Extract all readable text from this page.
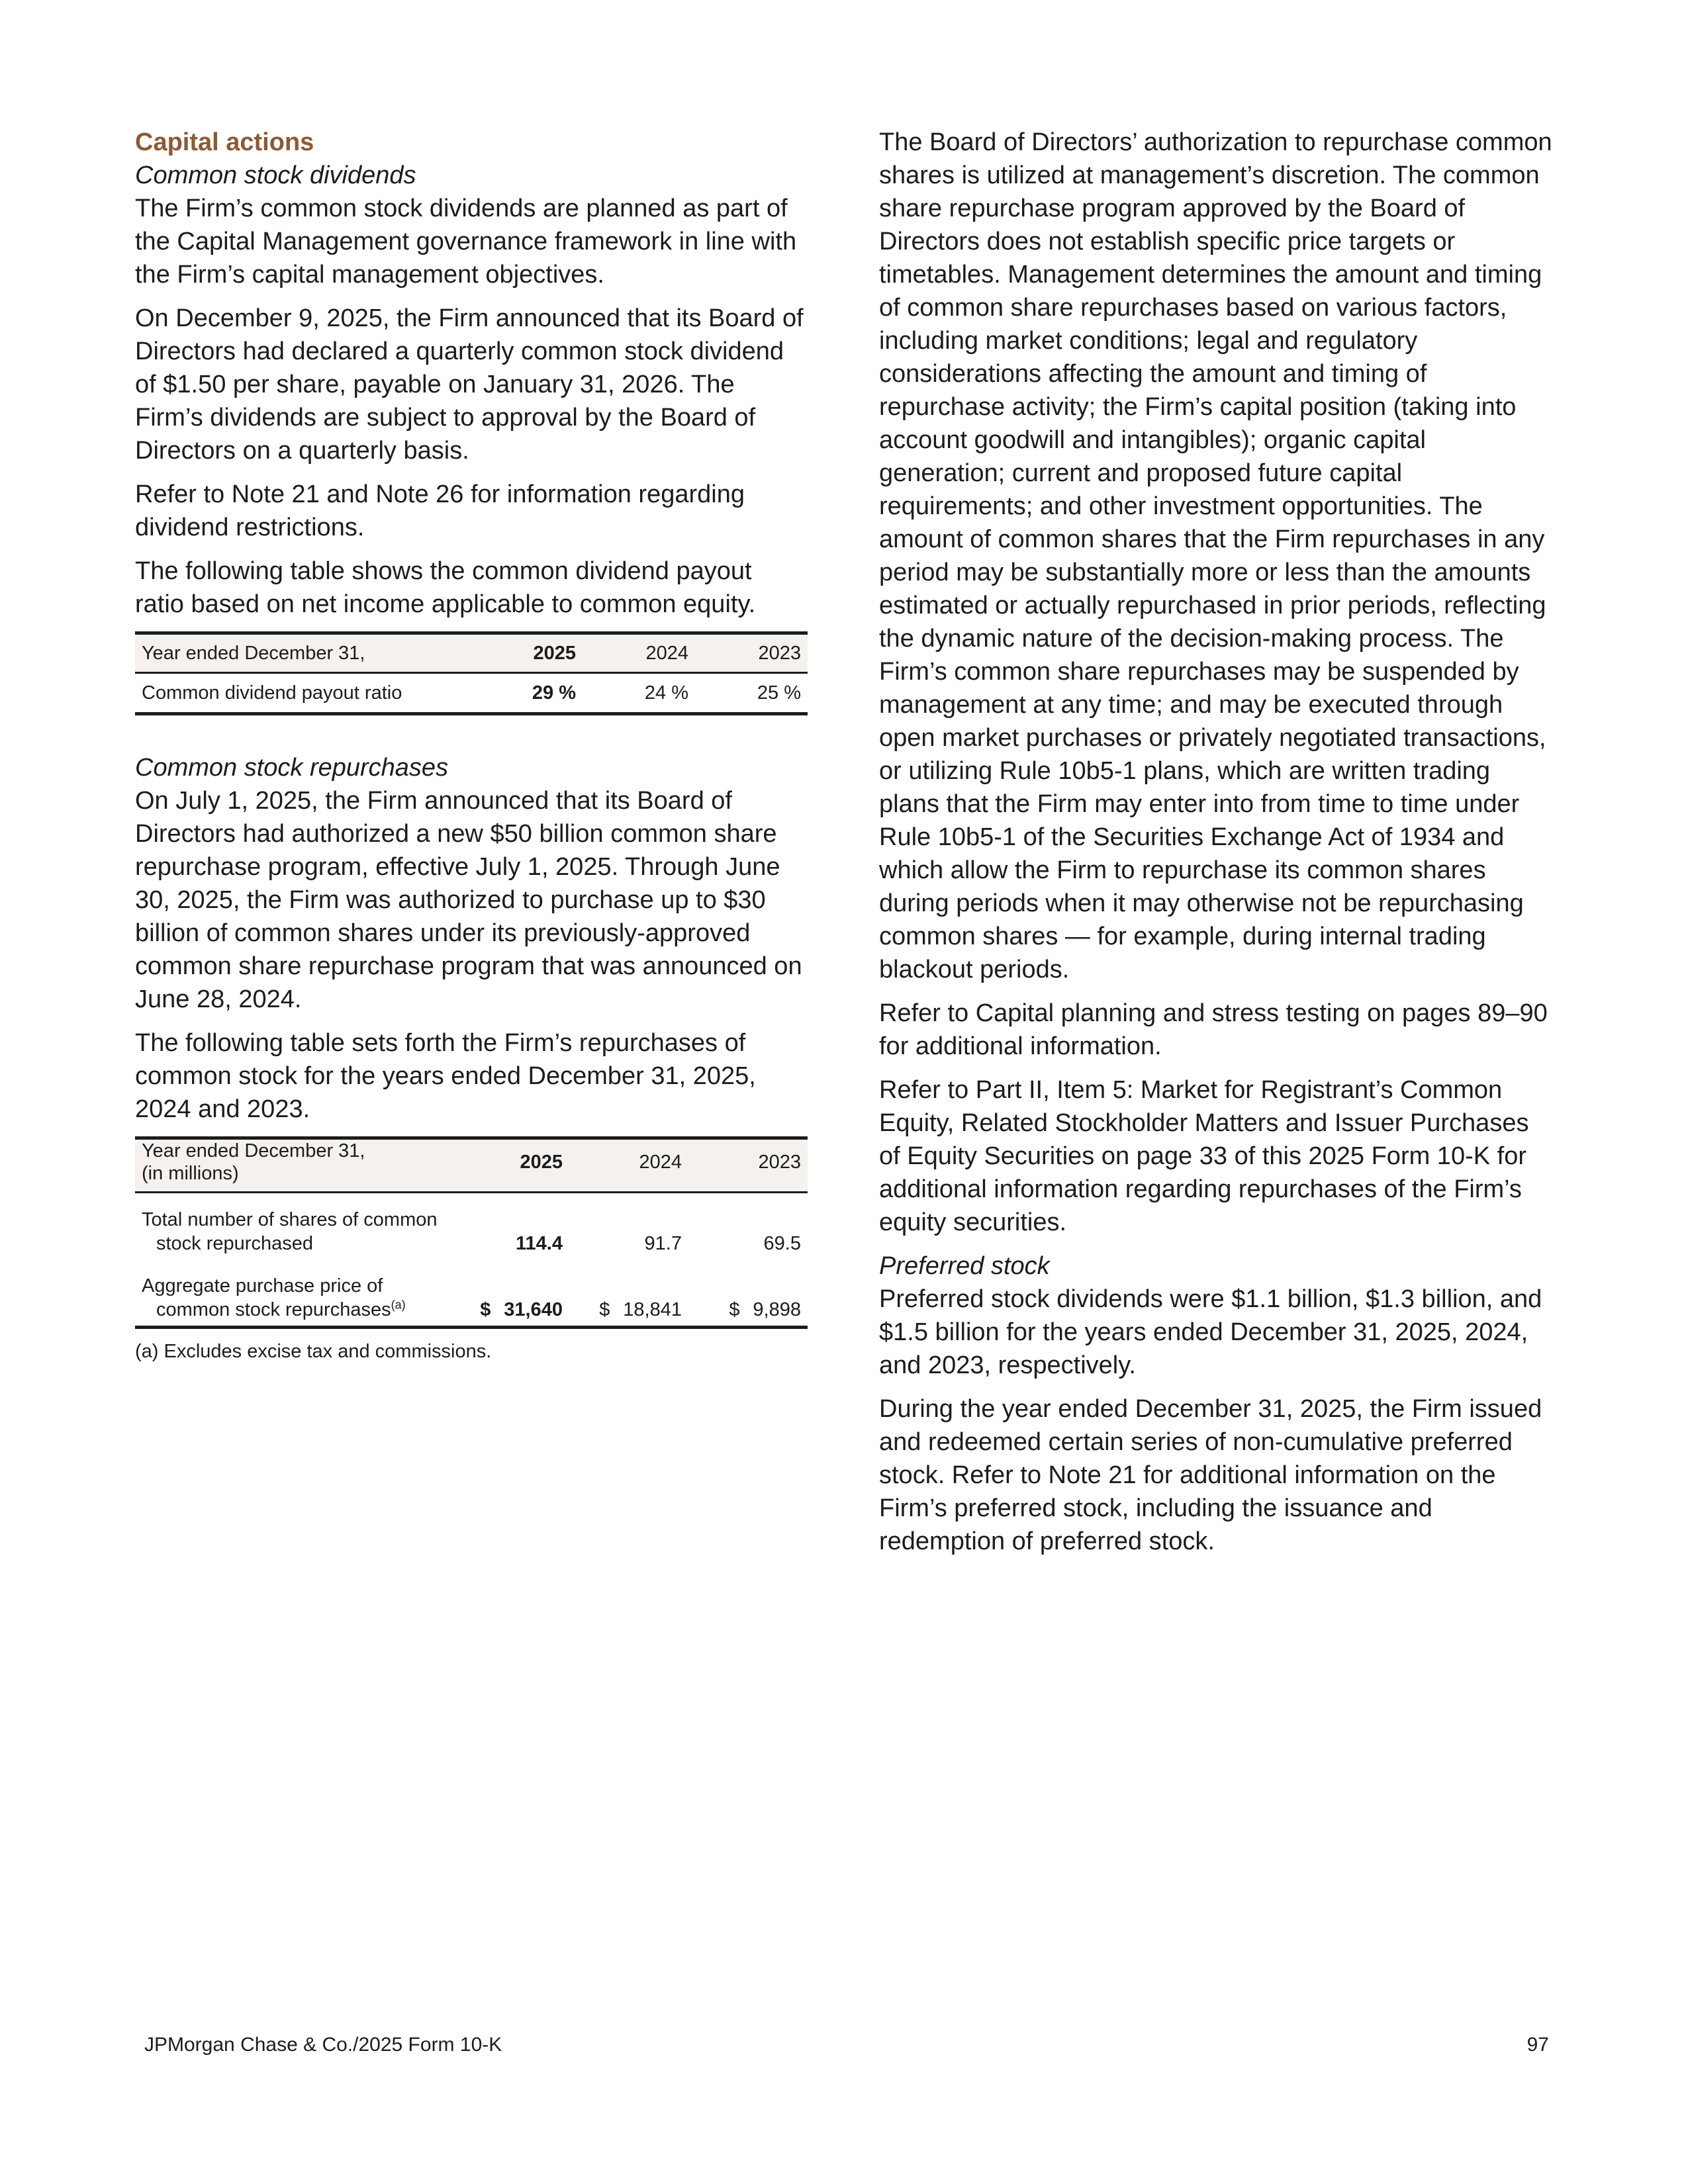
Capital actions
Common stock dividends

The Firm’s common stock dividends are planned as part of the Capital Management governance framework in line with the Firm’s capital management objectives.

On December 9, 2025, the Firm announced that its Board of Directors had declared a quarterly common stock dividend of $1.50 per share, payable on January 31, 2026. The Firm’s dividends are subject to approval by the Board of Directors on a quarterly basis.

Refer to Note 21 and Note 26 for information regarding dividend restrictions.

The following table shows the common dividend payout ratio based on net income applicable to common equity.

Year ended December 31,	2025	2024	2023
Common dividend payout ratio	29 %	24 %	25 %
Common stock repurchases

On July 1, 2025, the Firm announced that its Board of Directors had authorized a new $50 billion common share repurchase program, effective July 1, 2025. Through June 30, 2025, the Firm was authorized to purchase up to $30 billion of common shares under its previously-approved common share repurchase program that was announced on June 28, 2024.

The following table sets forth the Firm’s repurchases of common stock for the years ended December 31, 2025, 2024 and 2023.

Year ended December 31,
(in millions)	2025	2024	2023
Total number of shares of common
stock repurchased	114.4	91.7	69.5
Aggregate purchase price of
common stock repurchases$^{(a)}$	$ 31,640	$ 18,841	$ 9,898

(a) Excludes excise tax and commissions.

The Board of Directors’ authorization to repurchase common shares is utilized at management’s discretion. The common share repurchase program approved by the Board of Directors does not establish specific price targets or timetables. Management determines the amount and timing of common share repurchases based on various factors, including market conditions; legal and regulatory considerations affecting the amount and timing of repurchase activity; the Firm’s capital position (taking into account goodwill and intangibles); organic capital generation; current and proposed future capital requirements; and other investment opportunities. The amount of common shares that the Firm repurchases in any period may be substantially more or less than the amounts estimated or actually repurchased in prior periods, reflecting the dynamic nature of the decision-making process. The Firm’s common share repurchases may be suspended by management at any time; and may be executed through open market purchases or privately negotiated transactions, or utilizing Rule 10b5-1 plans, which are written trading plans that the Firm may enter into from time to time under Rule 10b5-1 of the Securities Exchange Act of 1934 and which allow the Firm to repurchase its common shares during periods when it may otherwise not be repurchasing common shares — for example, during internal trading blackout periods.

Refer to Capital planning and stress testing on pages 89–90 for additional information.

Refer to Part II, Item 5: Market for Registrant’s Common Equity, Related Stockholder Matters and Issuer Purchases of Equity Securities on page 33 of this 2025 Form 10-K for additional information regarding repurchases of the Firm’s equity securities.

Preferred stock

Preferred stock dividends were $1.1 billion, $1.3 billion, and $1.5 billion for the years ended December 31, 2025, 2024, and 2023, respectively.

During the year ended December 31, 2025, the Firm issued and redeemed certain series of non-cumulative preferred stock. Refer to Note 21 for additional information on the Firm’s preferred stock, including the issuance and redemption of preferred stock.

JPMorgan Chase & Co./2025 Form 10-K	97
